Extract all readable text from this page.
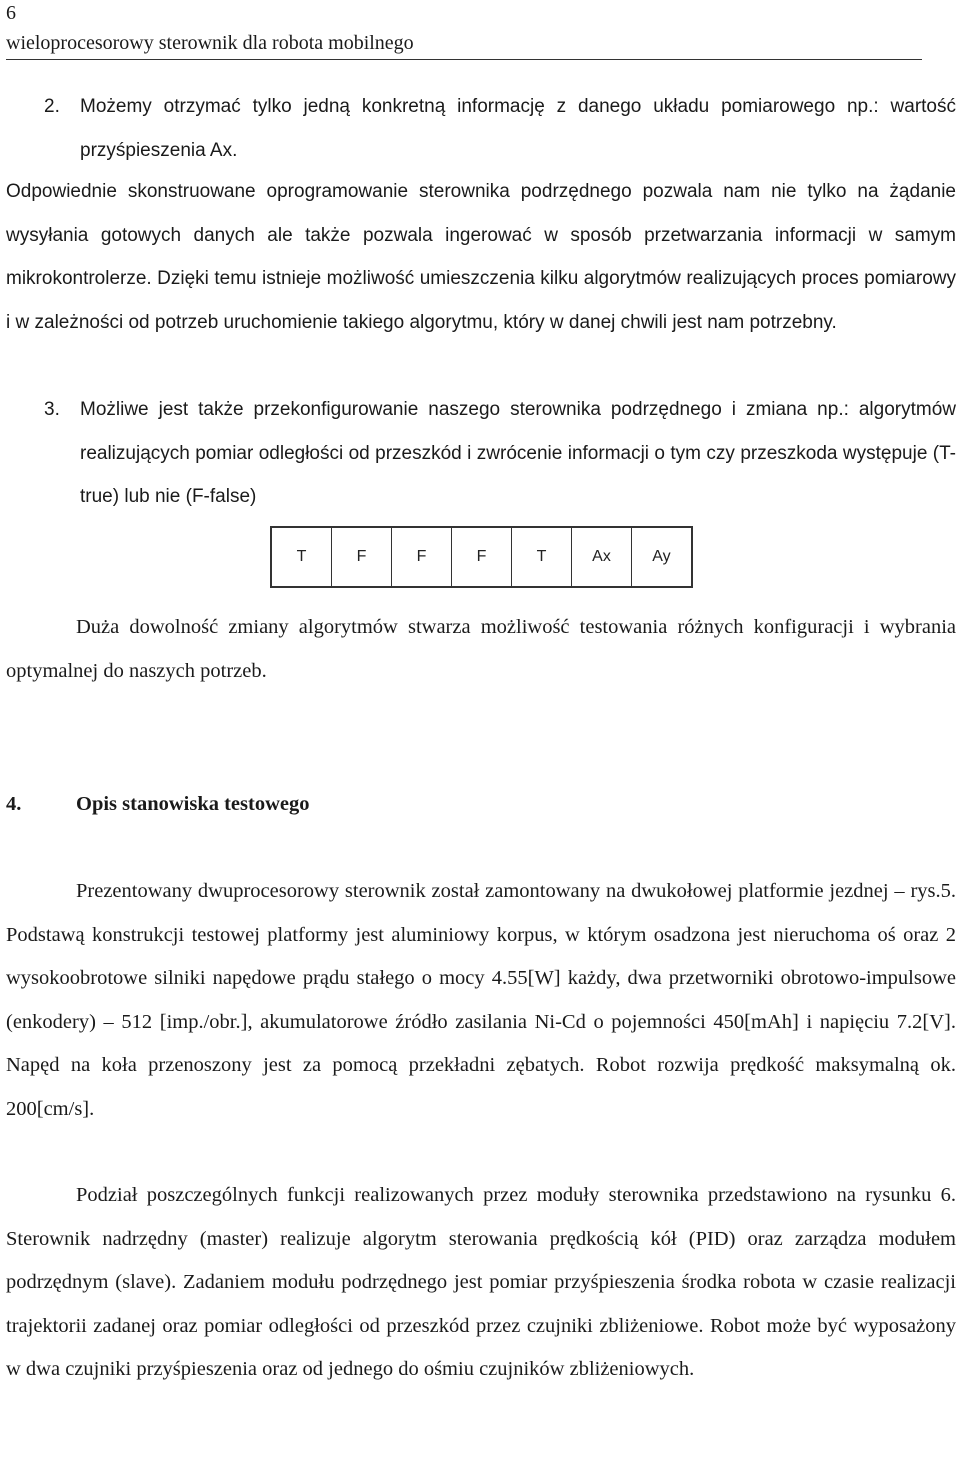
6
wieloprocesorowy sterownik dla robota mobilnego
2. Możemy otrzymać tylko jedną konkretną informację z danego układu pomiarowego np.: wartość przyśpieszenia Ax.

Odpowiednie skonstruowane oprogramowanie sterownika podrzędnego pozwala nam nie tylko na żądanie wysyłania gotowych danych ale także pozwala ingerować w sposób przetwarzania informacji w samym mikrokontrolerze. Dzięki temu istnieje możliwość umieszczenia kilku algorytmów realizujących proces pomiarowy i w zależności od potrzeb uruchomienie takiego algorytmu, który w danej chwili jest nam potrzebny.

3. Możliwe jest także przekonfigurowanie naszego sterownika podrzędnego i zmiana np.: algorytmów realizujących pomiar odległości od przeszkód i zwrócenie informacji o tym czy przeszkoda występuje (T-true) lub nie (F-false)

T	F	F	F	T	Ax	Ay

Duża dowolność zmiany algorytmów stwarza możliwość testowania różnych konfiguracji i wybrania optymalnej do naszych potrzeb.

4.	Opis stanowiska testowego

Prezentowany dwuprocesorowy sterownik został zamontowany na dwukołowej platformie jezdnej – rys.5. Podstawą konstrukcji testowej platformy jest aluminiowy korpus, w którym osadzona jest nieruchoma oś oraz 2 wysokoobrotowe silniki napędowe prądu stałego o mocy 4.55[W] każdy, dwa przetworniki obrotowo-impulsowe (enkodery) – 512 [imp./obr.], akumulatorowe źródło zasilania Ni-Cd o pojemności 450[mAh] i napięciu 7.2[V]. Napęd na koła przenoszony jest za pomocą przekładni zębatych. Robot rozwija prędkość maksymalną ok. 200[cm/s].

Podział poszczególnych funkcji realizowanych przez moduły sterownika przedstawiono na rysunku 6. Sterownik nadrzędny (master) realizuje algorytm sterowania prędkością kół (PID) oraz zarządza modułem podrzędnym (slave). Zadaniem modułu podrzędnego jest pomiar przyśpieszenia środka robota w czasie realizacji trajektorii zadanej oraz pomiar odległości od przeszkód przez czujniki zbliżeniowe. Robot może być wyposażony w dwa czujniki przyśpieszenia oraz od jednego do ośmiu czujników zbliżeniowych.
